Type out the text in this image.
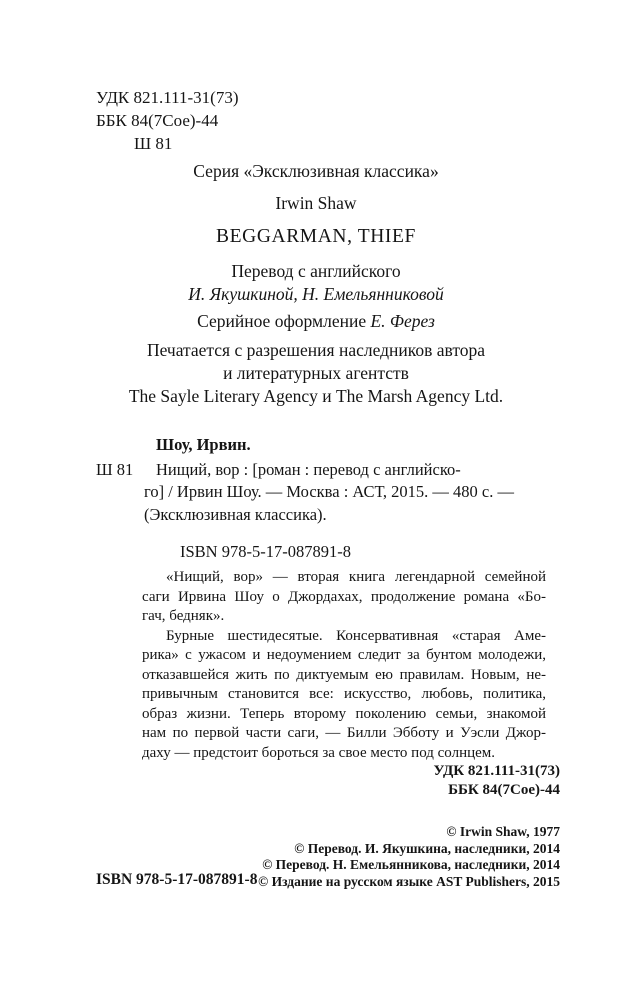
УДК 821.111-31(73)
ББК 84(7Сое)-44
Ш 81
Серия «Эксклюзивная классика»
Irwin Shaw
BEGGARMAN, THIEF
Перевод с английского
И. Якушкиной, Н. Емельянниковой
Серийное оформление Е. Ферез
Печатается с разрешения наследников автора
и литературных агентств
The Sayle Literary Agency и The Marsh Agency Ltd.
Шоу, Ирвин.
Ш 81	Нищий, вор : [роман : перевод с английско-
го] / Ирвин Шоу. — Москва : АСТ, 2015. — 480 с. —
(Эксклюзивная классика).
ISBN 978-5-17-087891-8
«Нищий, вор» — вторая книга легендарной семейной
саги Ирвина Шоу о Джордахах, продолжение романа «Бо-
гач, бедняк».
Бурные шестидесятые. Консервативная «старая Аме-
рика» с ужасом и недоумением следит за бунтом молодежи,
отказавшейся жить по диктуемым ею правилам. Новым, не-
привычным становится все: искусство, любовь, политика,
образ жизни. Теперь второму поколению семьи, знакомой
нам по первой части саги, — Билли Эбботу и Уэсли Джор-
даху — предстоит бороться за свое место под солнцем.
УДК 821.111-31(73)
ББК 84(7Сое)-44
© Irwin Shaw, 1977
© Перевод. И. Якушкина, наследники, 2014
© Перевод. Н. Емельянникова, наследники, 2014
© Издание на русском языке AST Publishers, 2015
ISBN 978-5-17-087891-8
